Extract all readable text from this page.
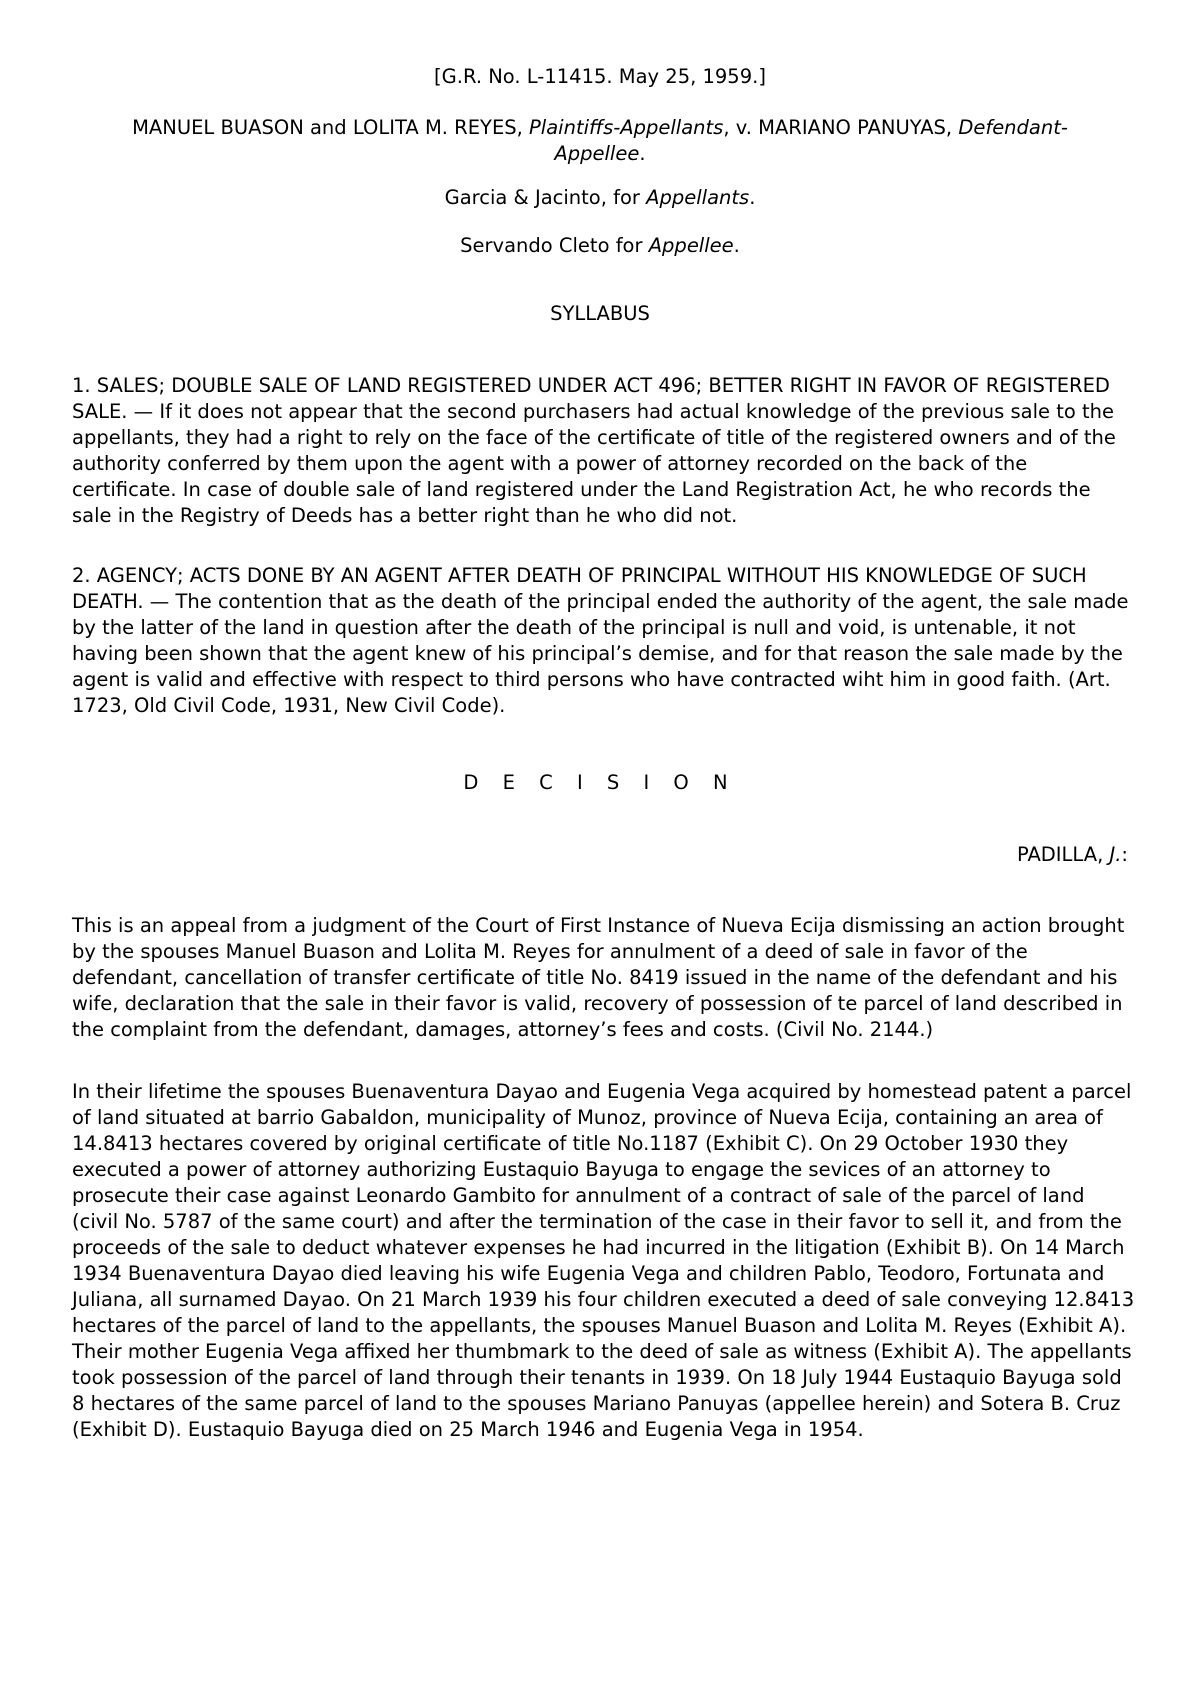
[G.R. No. L-11415. May 25, 1959.]
MANUEL BUASON and LOLITA M. REYES, Plaintiffs-Appellants, v. MARIANO PANUYAS, Defendant-Appellee.
Garcia & Jacinto, for Appellants.
Servando Cleto for Appellee.
SYLLABUS

1. SALES; DOUBLE SALE OF LAND REGISTERED UNDER ACT 496; BETTER RIGHT IN FAVOR OF REGISTERED SALE. — If it does not appear that the second purchasers had actual knowledge of the previous sale to the appellants, they had a right to rely on the face of the certificate of title of the registered owners and of the authority conferred by them upon the agent with a power of attorney recorded on the back of the certificate. In case of double sale of land registered under the Land Registration Act, he who records the sale in the Registry of Deeds has a better right than he who did not.

2. AGENCY; ACTS DONE BY AN AGENT AFTER DEATH OF PRINCIPAL WITHOUT HIS KNOWLEDGE OF SUCH DEATH. — The contention that as the death of the principal ended the authority of the agent, the sale made by the latter of the land in question after the death of the principal is null and void, is untenable, it not having been shown that the agent knew of his principal’s demise, and for that reason the sale made by the agent is valid and effective with respect to third persons who have contracted wiht him in good faith. (Art. 1723, Old Civil Code, 1931, New Civil Code).

D E C I S I O N
PADILLA, J.:

This is an appeal from a judgment of the Court of First Instance of Nueva Ecija dismissing an action brought by the spouses Manuel Buason and Lolita M. Reyes for annulment of a deed of sale in favor of the defendant, cancellation of transfer certificate of title No. 8419 issued in the name of the defendant and his wife, declaration that the sale in their favor is valid, recovery of possession of te parcel of land described in the complaint from the defendant, damages, attorney’s fees and costs. (Civil No. 2144.)

In their lifetime the spouses Buenaventura Dayao and Eugenia Vega acquired by homestead patent a parcel of land situated at barrio Gabaldon, municipality of Munoz, province of Nueva Ecija, containing an area of 14.8413 hectares covered by original certificate of title No.1187 (Exhibit C). On 29 October 1930 they executed a power of attorney authorizing Eustaquio Bayuga to engage the sevices of an attorney to prosecute their case against Leonardo Gambito for annulment of a contract of sale of the parcel of land (civil No. 5787 of the same court) and after the termination of the case in their favor to sell it, and from the proceeds of the sale to deduct whatever expenses he had incurred in the litigation (Exhibit B). On 14 March 1934 Buenaventura Dayao died leaving his wife Eugenia Vega and children Pablo, Teodoro, Fortunata and Juliana, all surnamed Dayao. On 21 March 1939 his four children executed a deed of sale conveying 12.8413 hectares of the parcel of land to the appellants, the spouses Manuel Buason and Lolita M. Reyes (Exhibit A). Their mother Eugenia Vega affixed her thumbmark to the deed of sale as witness (Exhibit A). The appellants took possession of the parcel of land through their tenants in 1939. On 18 July 1944 Eustaquio Bayuga sold 8 hectares of the same parcel of land to the spouses Mariano Panuyas (appellee herein) and Sotera B. Cruz (Exhibit D). Eustaquio Bayuga died on 25 March 1946 and Eugenia Vega in 1954.
